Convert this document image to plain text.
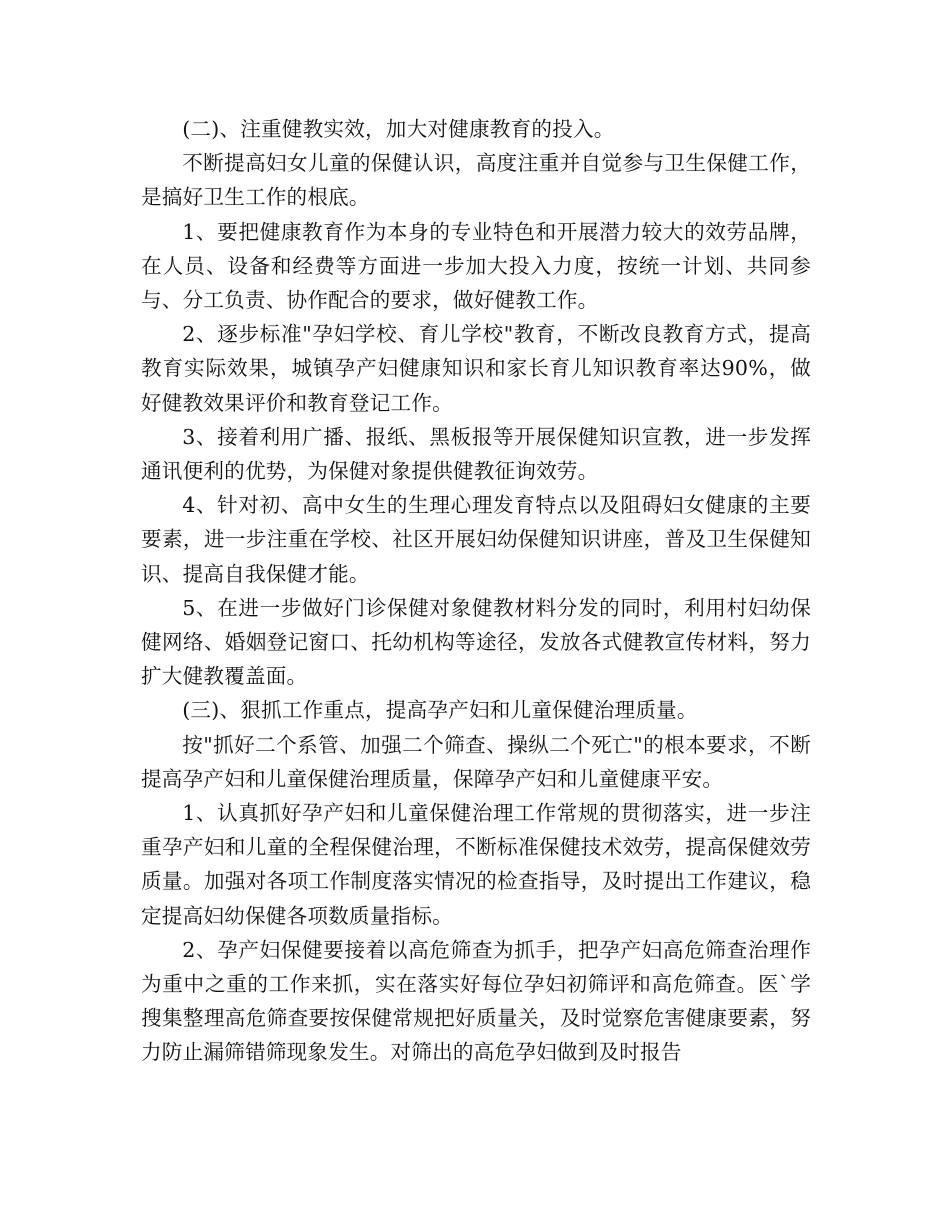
(二)、注重健教实效，加大对健康教育的投入。

不断提高妇女儿童的保健认识，高度注重并自觉参与卫生保健工作，是搞好卫生工作的根底。

1、要把健康教育作为本身的专业特色和开展潜力较大的效劳品牌，在人员、设备和经费等方面进一步加大投入力度，按统一计划、共同参与、分工负责、协作配合的要求，做好健教工作。

2、逐步标准"孕妇学校、育儿学校"教育，不断改良教育方式，提高教育实际效果，城镇孕产妇健康知识和家长育儿知识教育率达90%，做好健教效果评价和教育登记工作。

3、接着利用广播、报纸、黑板报等开展保健知识宣教，进一步发挥通讯便利的优势，为保健对象提供健教征询效劳。

4、针对初、高中女生的生理心理发育特点以及阻碍妇女健康的主要要素，进一步注重在学校、社区开展妇幼保健知识讲座，普及卫生保健知识、提高自我保健才能。

5、在进一步做好门诊保健对象健教材料分发的同时，利用村妇幼保健网络、婚姻登记窗口、托幼机构等途径，发放各式健教宣传材料，努力扩大健教覆盖面。

(三)、狠抓工作重点，提高孕产妇和儿童保健治理质量。

按"抓好二个系管、加强二个筛查、操纵二个死亡"的根本要求，不断提高孕产妇和儿童保健治理质量，保障孕产妇和儿童健康平安。

1、认真抓好孕产妇和儿童保健治理工作常规的贯彻落实，进一步注重孕产妇和儿童的全程保健治理，不断标准保健技术效劳，提高保健效劳质量。加强对各项工作制度落实情况的检查指导，及时提出工作建议，稳定提高妇幼保健各项数质量指标。

2、孕产妇保健要接着以高危筛查为抓手，把孕产妇高危筛查治理作为重中之重的工作来抓，实在落实好每位孕妇初筛评和高危筛查。医`学搜集整理高危筛查要按保健常规把好质量关，及时觉察危害健康要素，努力防止漏筛错筛现象发生。对筛出的高危孕妇做到及时报告
